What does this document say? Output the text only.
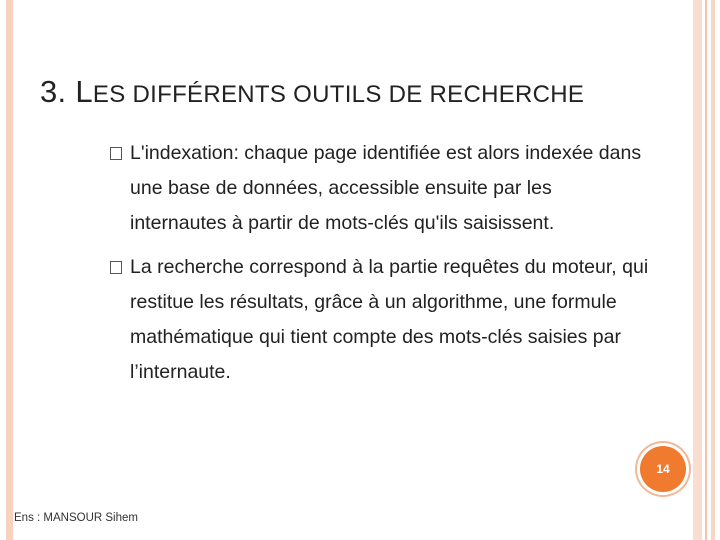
3. LES DIFFÉRENTS OUTILS DE RECHERCHE
L'indexation: chaque page identifiée est alors indexée dans une base de données, accessible ensuite par les internautes à partir de mots-clés qu'ils saisissent.
La recherche correspond à la partie requêtes du moteur, qui restitue les résultats, grâce à un algorithme, une formule mathématique qui tient compte des mots-clés saisies par l’internaute.
14
Ens : MANSOUR Sihem
